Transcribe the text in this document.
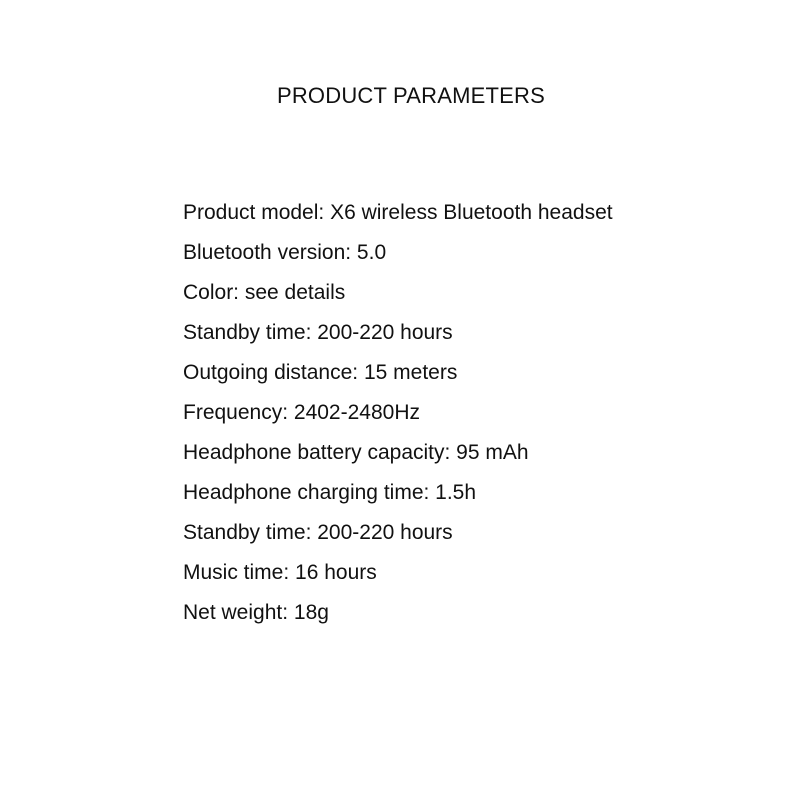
PRODUCT PARAMETERS
Product model: X6 wireless Bluetooth headset
Bluetooth version: 5.0
Color: see details
Standby time: 200-220 hours
Outgoing distance: 15 meters
Frequency: 2402-2480Hz
Headphone battery capacity: 95 mAh
Headphone charging time: 1.5h
Standby time: 200-220 hours
Music time: 16 hours
Net weight: 18g
